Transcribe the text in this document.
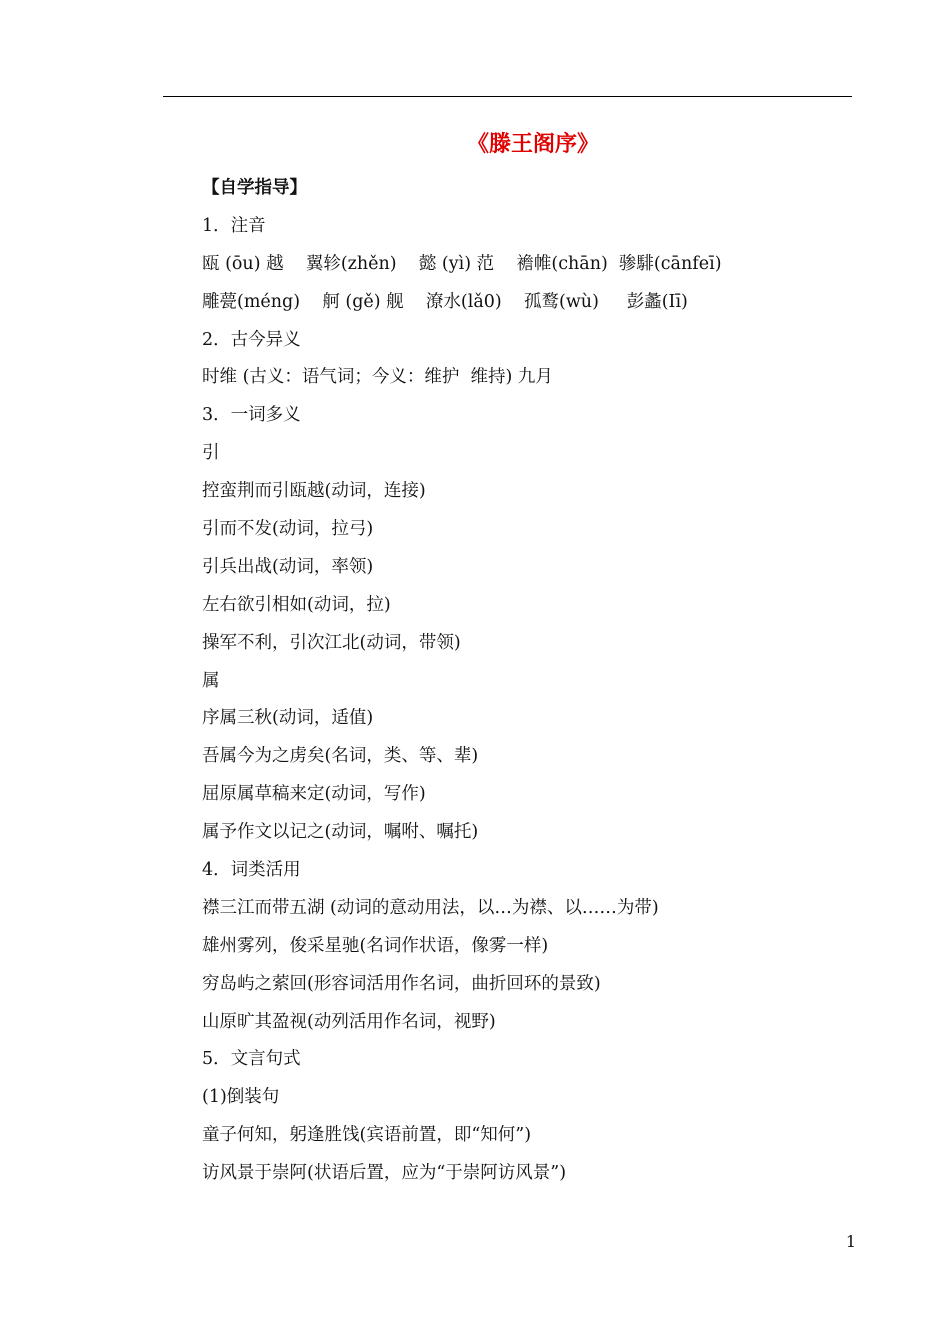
《滕王阁序》
【自学指导】
1．注音
瓯 (ōu) 越    翼轸(zhěn)    懿 (yì) 范    襜帷(chān)  骖騑(cānfeī)
雕甍(méng)    舸 (gě) 舰    潦水(lǎ0)    孤鹜(wù)     彭蠡(Iī)
2．古今异义
时维 (古义：语气词；今义：维护  维持) 九月
3．一词多义
引
控蛮荆而引瓯越(动词，连接)
引而不发(动词，拉弓)
引兵出战(动词，率领)
左右欲引相如(动词，拉)
操军不利，引次江北(动词，带领)
属
序属三秋(动词，适值)
吾属今为之虏矣(名词，类、等、辈)
屈原属草稿来定(动词，写作)
属予作文以记之(动词，嘱咐、嘱托)
4．词类活用
襟三江而带五湖 (动词的意动用法，以…为襟、以……为带)
雄州雾列，俊采星驰(名词作状语，像雾一样)
穷岛屿之萦回(形容词活用作名词，曲折回环的景致)
山原旷其盈视(动列活用作名词，视野)
5．文言句式
(1)倒装句
童子何知，躬逢胜饯(宾语前置，即“知何”)
访风景于崇阿(状语后置，应为“于崇阿访风景”)
1
